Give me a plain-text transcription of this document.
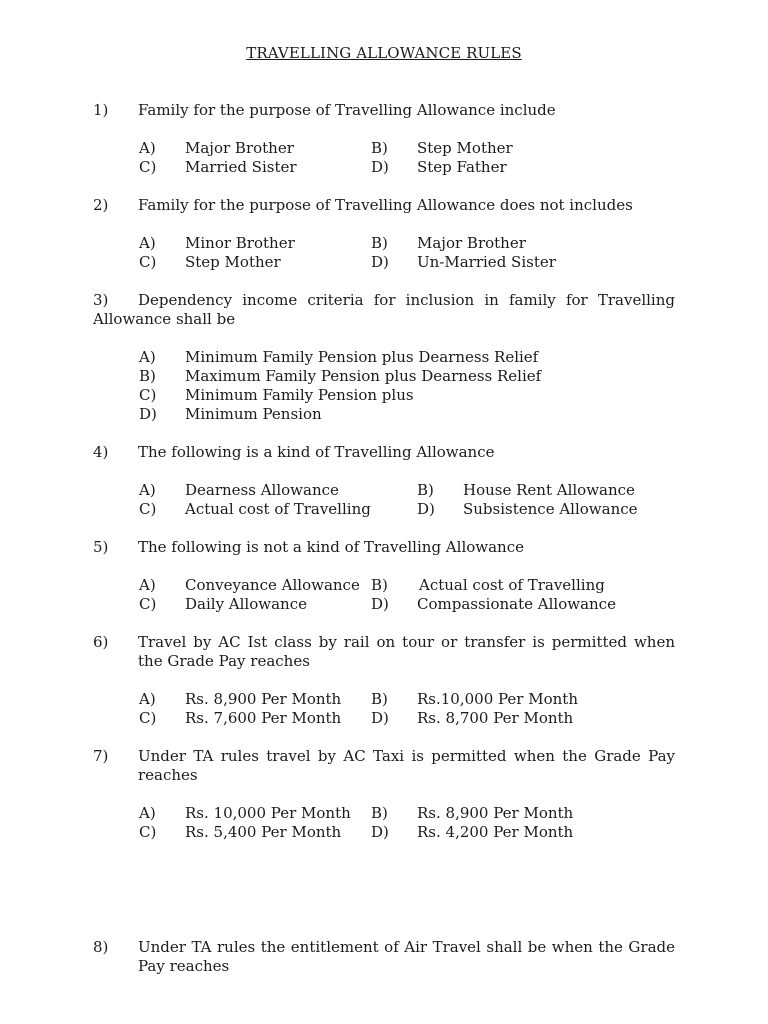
TRAVELLING ALLOWANCE RULES
1) Family for the purpose of Travelling Allowance include
A) Major Brother	B) Step Mother
C) Married Sister	D) Step Father
2) Family for the purpose of Travelling Allowance does not includes
A) Minor Brother	B) Major Brother
C) Step Mother	D) Un-Married Sister
3) Dependency income criteria for inclusion in family for Travelling Allowance shall be
A) Minimum Family Pension plus Dearness Relief
B) Maximum Family Pension plus Dearness Relief
C) Minimum Family Pension plus
D) Minimum Pension
4) The following is a kind of Travelling Allowance
A) Dearness Allowance	B) House Rent Allowance
C) Actual cost of Travelling	D) Subsistence Allowance
5) The following is not a kind of Travelling Allowance
A) Conveyance Allowance B) Actual cost of Travelling
C) Daily Allowance	D) Compassionate Allowance
6) Travel by AC Ist class by rail on tour or transfer is permitted when the Grade Pay reaches
A) Rs. 8,900 Per Month B) Rs.10,000 Per Month
C) Rs. 7,600 Per Month D) Rs. 8,700 Per Month
7) Under TA rules travel by AC Taxi is permitted when the Grade Pay reaches
A) Rs. 10,000 Per Month B) Rs. 8,900 Per Month
C) Rs. 5,400 Per Month D) Rs. 4,200 Per Month
8) Under TA rules the entitlement of Air Travel shall be when the Grade Pay reaches
